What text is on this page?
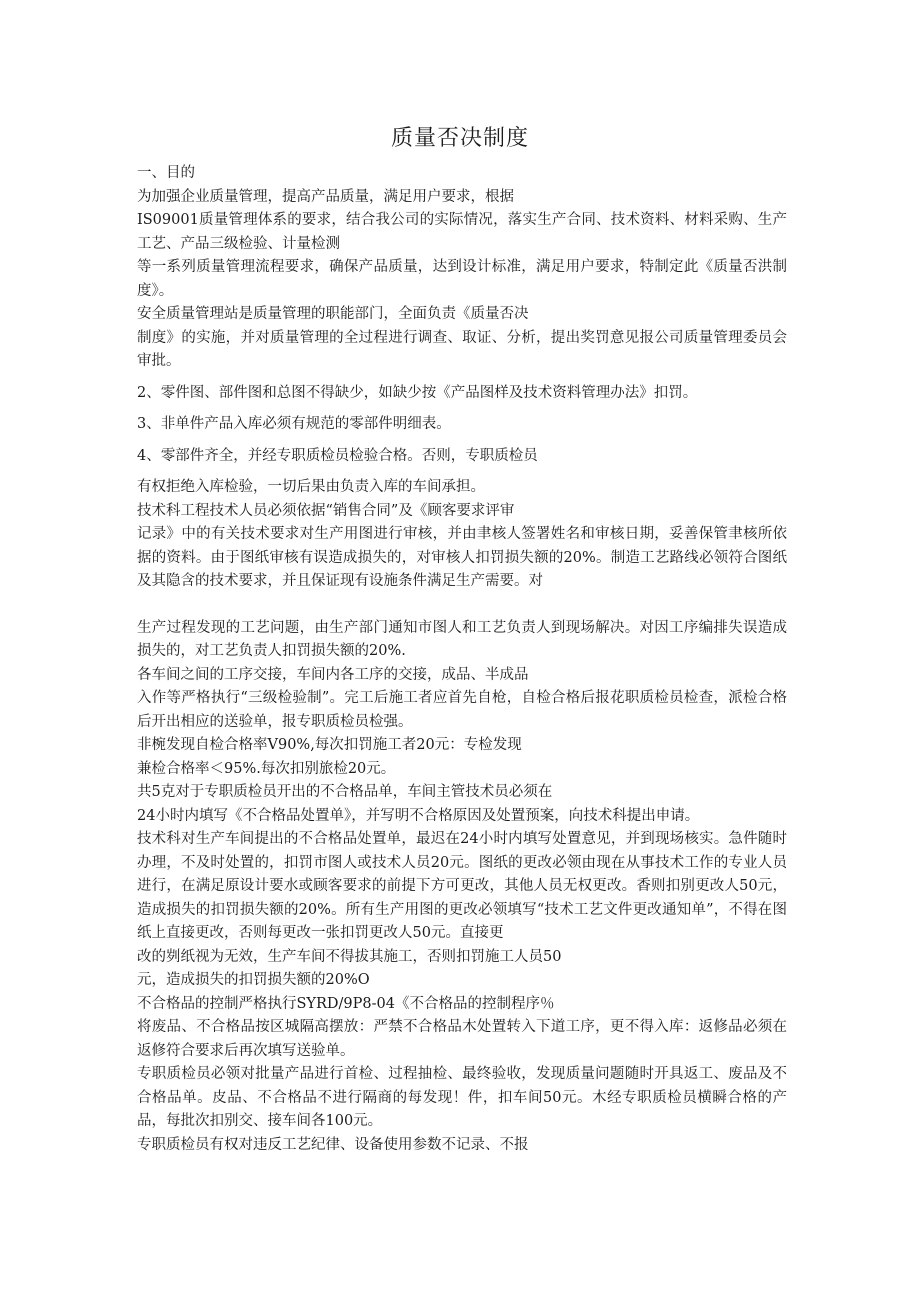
质量否决制度

一、目的

为加强企业质量管理，提高产品质量，满足用户要求，根据

IS09001质量管理体系的要求，结合我公司的实际情况，落实生产合同、技术资料、材料采购、生产工艺、产品三级检验、计量检测

等一系列质量管理流程要求，确保产品质量，达到设计标准，满足用户要求，特制定此《质量否洪制度》。

安全质量管理站是质量管理的职能部门，全面负责《质量否决

制度》的实施，并对质量管理的全过程进行调查、取证、分析，提出奖罚意见报公司质量管理委员会审批。

2、零件图、部件图和总图不得缺少，如缺少按《产品图样及技术资料管理办法》扣罚。

3、非单件产品入库必须有规范的零部件明细表。

4、零部件齐全，并经专职质检员检验合格。否则，专职质检员

有权拒绝入库检验，一切后果由负责入库的车间承担。

技术科工程技术人员必须依据“销售合同”及《顾客要求评审

记录》中的有关技术要求对生产用图进行审核，并由聿核人签署姓名和审核日期，妥善保管聿核所依据的资料。由于图纸审核有误造成损失的，对审核人扣罚损失额的20%。制造工艺路线必领符合图纸及其隐含的技术要求，并且保证现有设施条件满足生产需要。对

生产过程发现的工艺问题，由生产部门通知市图人和工艺负责人到现场解决。对因工序编排失误造成损失的，对工艺负责人扣罚损失额的20%.

各车间之间的工序交接，车间内各工序的交接，成品、半成品

入作等严格执行“三级检验制”。完工后施工者应首先自枪，自检合格后报花职质检员检查，派检合格后开出相应的送验单，报专职质检员检强。

非椀发现自检合格率V90%,每次扣罚施工者20元：专检发现

兼检合格率＜95%.每次扣别旅检20元。

共5克对于专职质检员开出的不合格品单，车间主管技术员必须在

24小时内填写《不合格品处置单》，并写明不合格原因及处置预案，向技术科提出申请。

技术科对生产车间提出的不合格品处置单，最迟在24小时内填写处置意见，并到现场核实。急件随时办理，不及时处置的，扣罚市图人或技术人员20元。图纸的更改必领由现在从事技术工作的专业人员进行，在满足原设计要水或顾客要求的前提下方可更改，其他人员无权更改。香则扣别更改人50元，造成损失的扣罚损失额的20%。所有生产用图的更改必领填写“技术工艺文件更改通知单”，不得在图纸上直接更改，否则每更改一张扣罚更改人50元。直接更

改的刿纸视为无效，生产车间不得拔其施工，否则扣罚施工人员50

元，造成损失的扣罚损失额的20%O

不合格品的控制严格执行SYRD/9P8-04《不合格品的控制程序％

将废品、不合格品按区城隔高摆放：严禁不合格品木处置转入下道工序，更不得入库：返修品必须在返修符合要求后再次填写送验单。

专职质检员必领对批量产品进行首检、过程抽检、最终验收，发现质量问题随时开具返工、废品及不合格品单。皮品、不合格品不进行隔商的每发现！件，扣车间50元。木经专职质检员横瞬合格的产品，每批次扣别交、接车间各100元。

专职质检员有权对违反工艺纪律、设备使用参数不记录、不报
